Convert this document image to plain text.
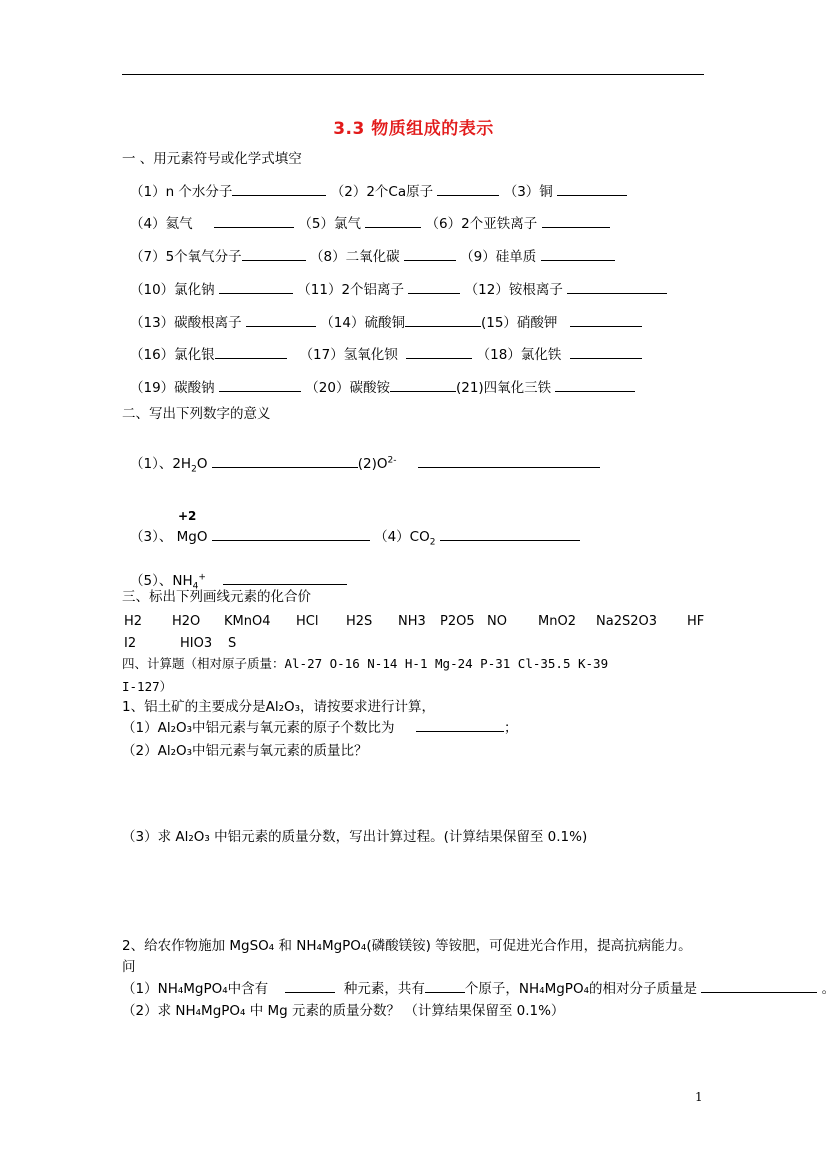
3.3 物质组成的表示
一 、用元素符号或化学式填空
（1）n 个水分子	（2）2个Ca原子	（3）铜
（4）氦气	（5）氯气	（6）2个亚铁离子
（7）5个氧气分子	（8）二氧化碳	（9）硅单质
（10）氯化钠	（11）2个铝离子	（12）铵根离子
（13）碳酸根离子	（14）硫酸铜	(15）硝酸钾
（16）氯化银	（17）氢氧化钡	（18）氯化铁
（19）碳酸钠	（20）碳酸铵	(21)四氧化三铁
二、写出下列数字的意义
（1）、$2H_2O$	$(2)O^{2-}$
+2
（3）、 MgO	$(4)CO_2$
（5）、$NH_4^+$
三、标出下列画线元素的化合价
H2 H2O KMnO4 HCl H2S NH3 P2O5 NO MnO2 Na2S2O3 HF
I2	HIO3 S
四、计算题（相对原子质量：Al-27 O-16 N-14 H-1 Mg-24 P-31 Cl-35.5 K-39
I-127）
1、铝土矿的主要成分是Al₂O₃，请按要求进行计算，
（1）Al₂O₃中铝元素与氧元素的原子个数比为	；
（2）Al₂O₃中铝元素与氧元素的质量比？
（3）求 Al₂O₃ 中铝元素的质量分数，写出计算过程。(计算结果保留至 0.1%)
2、给农作物施加 MgSO₄ 和 NH₄MgPO₄(磷酸镁铵) 等铵肥，可促进光合作用，提高抗病能力。
问
（1）NH₄MgPO₄中含有	种元素，共有	个原子，NH₄MgPO₄的相对分子质量是	。
（2）求 NH₄MgPO₄ 中 Mg 元素的质量分数？ （计算结果保留至 0.1%）
1
